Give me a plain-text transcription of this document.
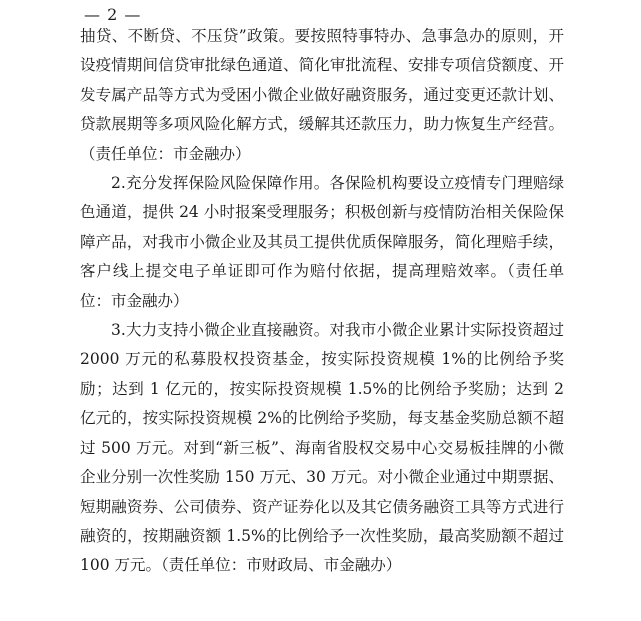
— 2 —

抽贷、不断贷、不压贷”政策。要按照特事特办、急事急办的原则，开设疫情期间信贷审批绿色通道、简化审批流程、安排专项信贷额度、开发专属产品等方式为受困小微企业做好融资服务，通过变更还款计划、贷款展期等多项风险化解方式，缓解其还款压力，助力恢复生产经营。（责任单位：市金融办）

2.充分发挥保险风险保障作用。各保险机构要设立疫情专门理赔绿色通道，提供 24 小时报案受理服务；积极创新与疫情防治相关保险保障产品，对我市小微企业及其员工提供优质保障服务，简化理赔手续，客户线上提交电子单证即可作为赔付依据，提高理赔效率。（责任单位：市金融办）

3.大力支持小微企业直接融资。对我市小微企业累计实际投资超过 2000 万元的私募股权投资基金，按实际投资规模 1%的比例给予奖励；达到 1 亿元的，按实际投资规模 1.5%的比例给予奖励；达到 2 亿元的，按实际投资规模 2%的比例给予奖励，每支基金奖励总额不超过 500 万元。对到“新三板”、海南省股权交易中心交易板挂牌的小微企业分别一次性奖励 150 万元、30 万元。对小微企业通过中期票据、短期融资券、公司债券、资产证券化以及其它债务融资工具等方式进行融资的，按期融资额 1.5%的比例给予一次性奖励，最高奖励额不超过 100 万元。（责任单位：市财政局、市金融办）
